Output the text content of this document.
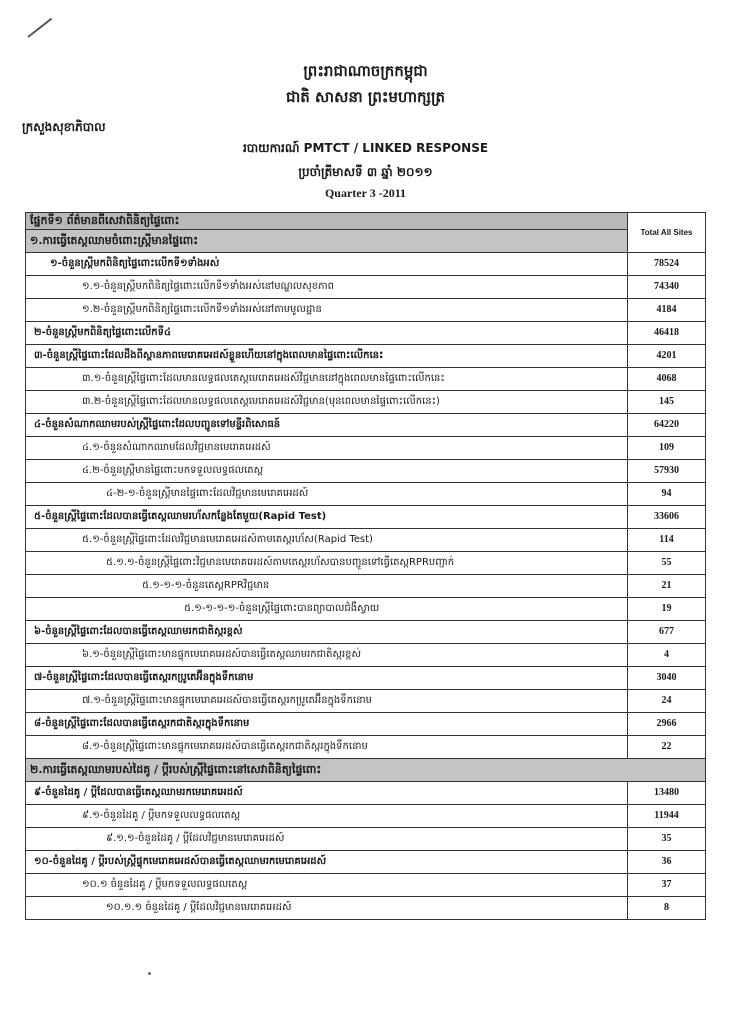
ព្រះរាជាណាចក្រកម្ពុជា
ជាតិ សាសនា ព្រះមហាក្សត្រ
ក្រសួងសុខាភិបាល
របាយការណ៍ PMTCT / LINKED RESPONSE
ប្រចាំត្រីមាសទី ៣ ឆ្នាំ ២០១១
Quarter 3 -2011
ផ្នែកទី១ ព័ត៌មានពីសេវាពិនិត្យផ្ទៃពោះ	Total All Sites
១.ការធ្វើតេស្តឈាមចំពោះស្ត្រីមានផ្ទៃពោះ	
១-ចំនួនស្ត្រីមកពិនិត្យផ្ទៃពោះលើកទី១ទាំងអស់	78524
១.១-ចំនួនស្ត្រីមកពិនិត្យផ្ទៃពោះលើកទី១ទាំងអស់នៅមណ្ឌលសុខភាព	74340
១.២-ចំនួនស្ត្រីមកពិនិត្យផ្ទៃពោះលើកទី១ទាំងអស់នៅតាមមូលដ្ឋាន	4184
២-ចំនួនស្ត្រីមកពិនិត្យផ្ទៃពោះលើកទី៤	46418
៣-ចំនួនស្ត្រីផ្ទៃពោះដែលដឹងពីស្ថានភាពមេរោគអេដស៍ខ្លួនហើយនៅក្នុងពេលមានផ្ទៃពោះលើកនេះ	4201
៣.១-ចំនួនស្ត្រីផ្ទៃពោះដែលមានលទ្ធផលតេស្តមេរោគអេដស៍វិជ្ជមាននៅក្នុងពេលមានផ្ទៃពោះលើកនេះ	4068
៣.២-ចំនួនស្ត្រីផ្ទៃពោះដែលមានលទ្ធផលតេស្តមេរោគអេដស៍វិជ្ជមាន(មុនពេលមានផ្ទៃពោះលើកនេះ)	145
៤-ចំនួនសំណាកឈាមរបស់ស្ត្រីផ្ទៃពោះដែលបញ្ជូនទៅមន្ទីរពិសោធន៍	64220
៤.១-ចំនួនសំណាកឈាមដែលវិជ្ជមានមេរោគអេដស៍	109
៤.២-ចំនួនស្ត្រីមានផ្ទៃពោះមកទទួលលទ្ធផលតេស្ត	57930
៤-២-១-ចំនួនស្ត្រីមានផ្ទៃពោះដែលវិជ្ជមានមេរោគអេដស៍	94
៥-ចំនួនស្ត្រីផ្ទៃពោះដែលបានធ្វើតេស្តឈាមរហ័សកន្លែងតែមួយ(Rapid Test)	33606
៥.១-ចំនួនស្ត្រីផ្ទៃពោះដែលវិជ្ជមានមេរោគអេដស៍តាមតេស្តរហ័ស(Rapid Test)	114
៥.១.១-ចំនួនស្ត្រីផ្ទៃពោះវិជ្ជមានមេរោគអេដស៍តាមតេស្តរហ័សបានបញ្ជូនទៅធ្វើតេស្តRPRបញ្ជាក់	55
៥.១-១-១-ចំនួនតេស្តRPRវិជ្ជមាន	21
៥.១-១-១-១-ចំនួនស្ត្រីផ្ទៃពោះបានព្យាបាលជំងឺស្វាយ	19
៦-ចំនួនស្ត្រីផ្ទៃពោះដែលបានធ្វើតេស្តឈាមរកជាតិស្ករខ្ពស់	677
៦.១-ចំនួនស្ត្រីផ្ទៃពោះមានផ្ទុកមេរោគអេដស៍បានធ្វើតេស្តឈាមរកជាតិស្ករខ្ពស់	4
៧-ចំនួនស្ត្រីផ្ទៃពោះដែលបានធ្វើតេស្តរកប្រូតេអ៊ីនក្នុងទឹកនោម	3040
៧.១-ចំនួនស្ត្រីផ្ទៃពោះមានផ្ទុកមេរោគអេដស៍បានធ្វើតេស្តរកប្រូតេអ៊ីនក្នុងទឹកនោម	24
៨-ចំនួនស្ត្រីផ្ទៃពោះដែលបានធ្វើតេស្តរកជាតិស្ករក្នុងទឹកនោម	2966
៨.១-ចំនួនស្ត្រីផ្ទៃពោះមានផ្ទុកមេរោគអេដស៍បានធ្វើតេស្តរកជាតិស្ករក្នុងទឹកនោម	22
២.ការធ្វើតេស្តឈាមរបស់ដៃគូ / ប្តីរបស់ស្ត្រីផ្ទៃពោះនៅសេវាពិនិត្យផ្ទៃពោះ	
៩-ចំនួនដៃគូ / ប្តីដែលបានធ្វើតេស្តឈាមរកមេរោគអេដស៍	13480
៩.១-ចំនួនដៃគូ / ប្តីមកទទួលលទ្ធផលតេស្ត	11944
៩.១.១-ចំនួនដៃគូ / ប្តីដែលវិជ្ជមានមេរោគអេដស៍	35
១០-ចំនួនដៃគូ / ប្តីរបស់ស្ត្រីផ្ទុកមេរោគអេដស៍បានធ្វើតេស្តឈាមរកមេរោគអេដស៍	36
១០.១ ចំនួនដៃគូ / ប្តីមកទទួលលទ្ធផលតេស្ត	37
១០.១.១ ចំនួនដៃគូ / ប្តីដែលវិជ្ជមានមេរោគអេដស៍	8
